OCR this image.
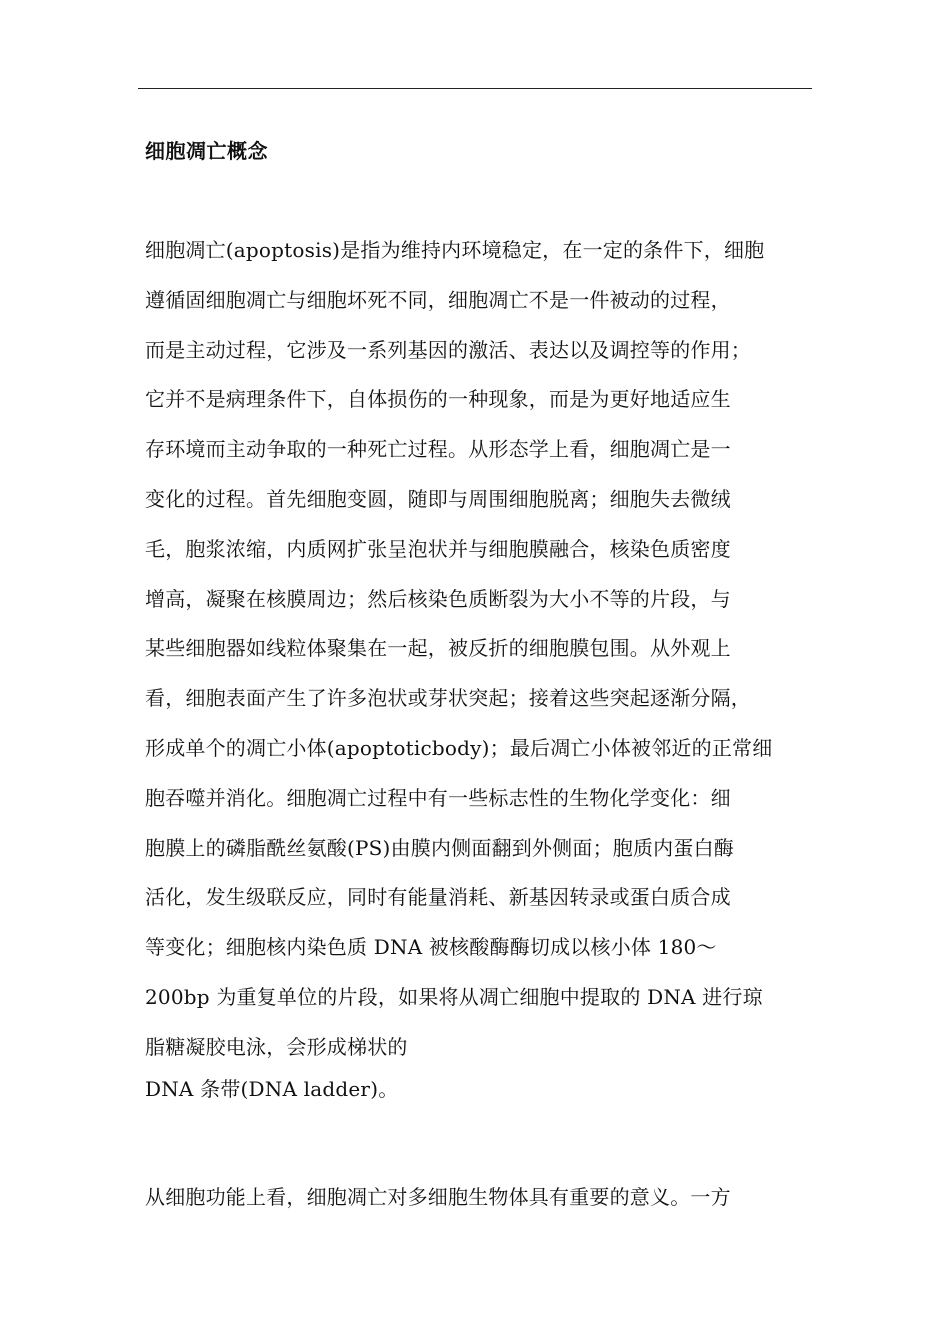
细胞凋亡概念
细胞凋亡(apoptosis)是指为维持内环境稳定，在一定的条件下，细胞
遵循固细胞凋亡与细胞坏死不同，细胞凋亡不是一件被动的过程，
而是主动过程，它涉及一系列基因的激活、表达以及调控等的作用；
它并不是病理条件下，自体损伤的一种现象，而是为更好地适应生
存环境而主动争取的一种死亡过程。从形态学上看，细胞凋亡是一
变化的过程。首先细胞变圆，随即与周围细胞脱离；细胞失去微绒
毛，胞浆浓缩，内质网扩张呈泡状并与细胞膜融合，核染色质密度
增高，凝聚在核膜周边；然后核染色质断裂为大小不等的片段，与
某些细胞器如线粒体聚集在一起，被反折的细胞膜包围。从外观上
看，细胞表面产生了许多泡状或芽状突起；接着这些突起逐渐分隔，
形成单个的凋亡小体(apoptoticbody)；最后凋亡小体被邻近的正常细
胞吞噬并消化。细胞凋亡过程中有一些标志性的生物化学变化：细
胞膜上的磷脂酰丝氨酸(PS)由膜内侧面翻到外侧面；胞质内蛋白酶
活化，发生级联反应，同时有能量消耗、新基因转录或蛋白质合成
等变化；细胞核内染色质 DNA 被核酸酶酶切成以核小体 180～
200bp 为重复单位的片段，如果将从凋亡细胞中提取的 DNA 进行琼
脂糖凝胶电泳，会形成梯状的
DNA 条带(DNA ladder)。
从细胞功能上看，细胞凋亡对多细胞生物体具有重要的意义。一方
